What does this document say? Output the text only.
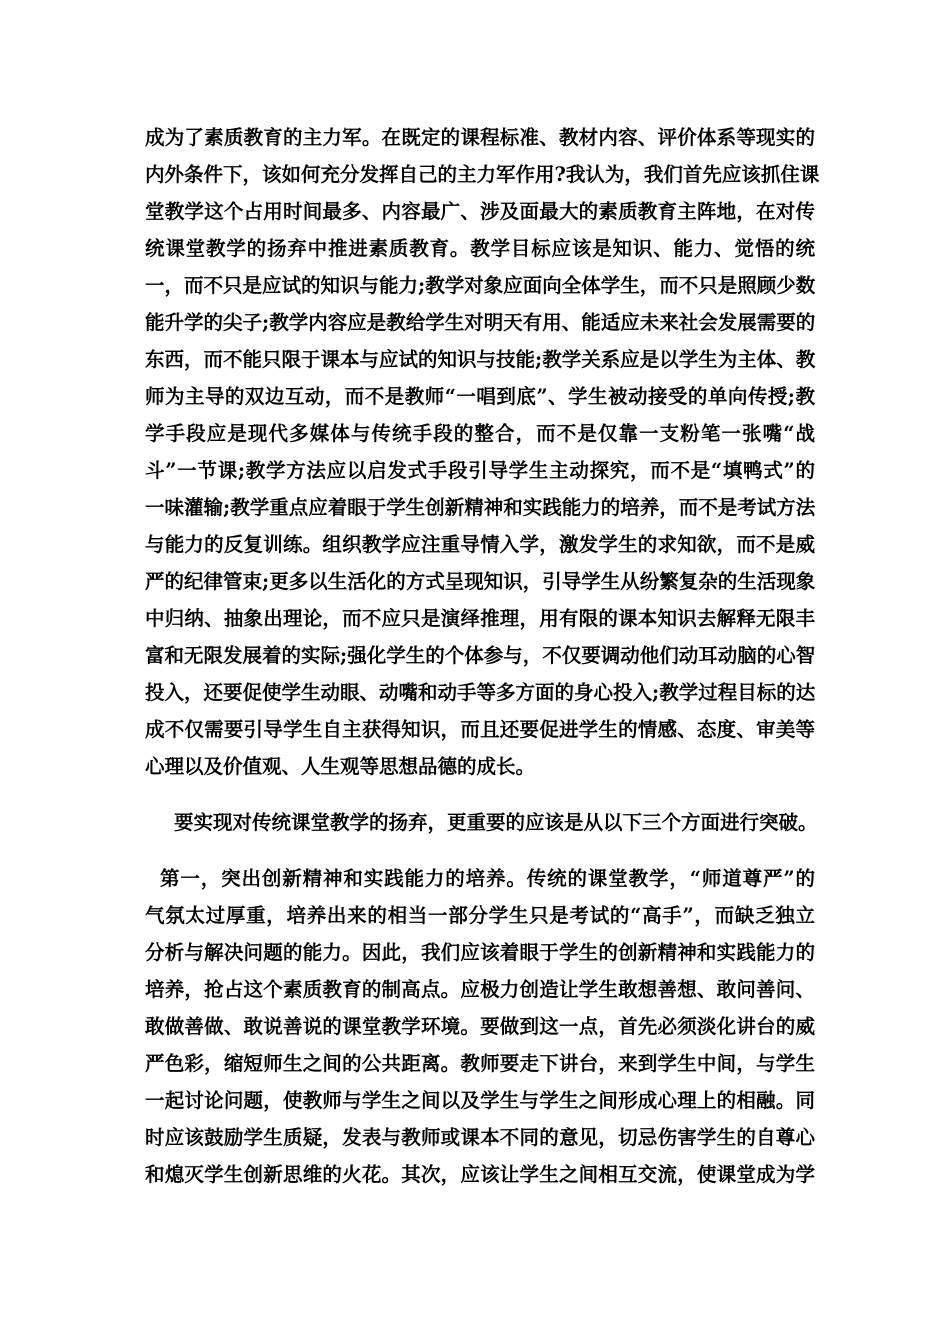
成为了素质教育的主力军。在既定的课程标准、教材内容、评价体系等现实的
内外条件下，该如何充分发挥自己的主力军作用?我认为，我们首先应该抓住课
堂教学这个占用时间最多、内容最广、涉及面最大的素质教育主阵地，在对传
统课堂教学的扬弃中推进素质教育。教学目标应该是知识、能力、觉悟的统
一，而不只是应试的知识与能力;教学对象应面向全体学生，而不只是照顾少数
能升学的尖子;教学内容应是教给学生对明天有用、能适应未来社会发展需要的
东西，而不能只限于课本与应试的知识与技能;教学关系应是以学生为主体、教
师为主导的双边互动，而不是教师“一唱到底”、学生被动接受的单向传授;教
学手段应是现代多媒体与传统手段的整合，而不是仅靠一支粉笔一张嘴“战
斗”一节课;教学方法应以启发式手段引导学生主动探究，而不是“填鸭式”的
一味灌输;教学重点应着眼于学生创新精神和实践能力的培养，而不是考试方法
与能力的反复训练。组织教学应注重导情入学，激发学生的求知欲，而不是威
严的纪律管束;更多以生活化的方式呈现知识，引导学生从纷繁复杂的生活现象
中归纳、抽象出理论，而不应只是演绎推理，用有限的课本知识去解释无限丰
富和无限发展着的实际;强化学生的个体参与，不仅要调动他们动耳动脑的心智
投入，还要促使学生动眼、动嘴和动手等多方面的身心投入;教学过程目标的达
成不仅需要引导学生自主获得知识，而且还要促进学生的情感、态度、审美等
心理以及价值观、人生观等思想品德的成长。
要实现对传统课堂教学的扬弃，更重要的应该是从以下三个方面进行突破。
第一，突出创新精神和实践能力的培养。传统的课堂教学，“师道尊严”的
气氛太过厚重，培养出来的相当一部分学生只是考试的“高手”，而缺乏独立
分析与解决问题的能力。因此，我们应该着眼于学生的创新精神和实践能力的
培养，抢占这个素质教育的制高点。应极力创造让学生敢想善想、敢问善问、
敢做善做、敢说善说的课堂教学环境。要做到这一点，首先必须淡化讲台的威
严色彩，缩短师生之间的公共距离。教师要走下讲台，来到学生中间，与学生
一起讨论问题，使教师与学生之间以及学生与学生之间形成心理上的相融。同
时应该鼓励学生质疑，发表与教师或课本不同的意见，切忌伤害学生的自尊心
和熄灭学生创新思维的火花。其次，应该让学生之间相互交流，使课堂成为学
